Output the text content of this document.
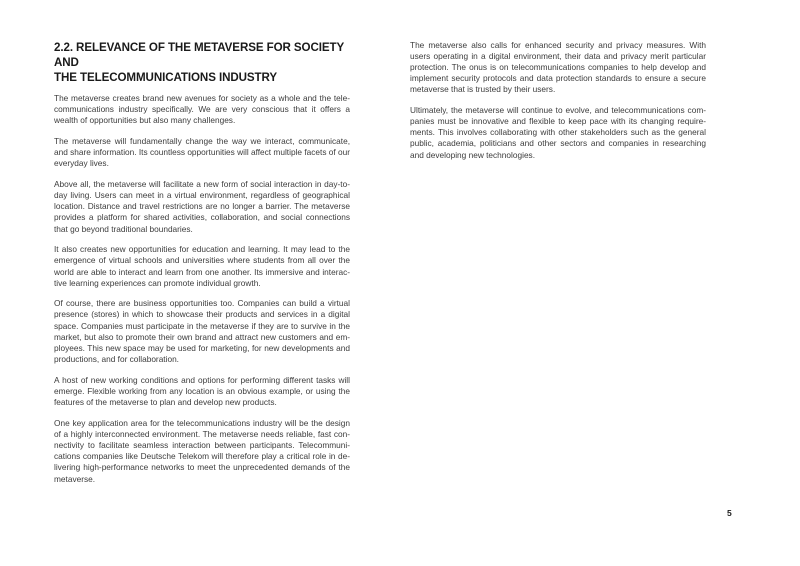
2.2. RELEVANCE OF THE METAVERSE FOR SOCIETY AND
THE TELECOMMUNICATIONS INDUSTRY

The metaverse creates brand new avenues for society as a whole and the telecommunications industry specifically. We are very conscious that it offers a wealth of opportunities but also many challenges.

The metaverse will fundamentally change the way we interact, communicate, and share information. Its countless opportunities will affect multiple facets of our everyday lives.

Above all, the metaverse will facilitate a new form of social interaction in day-to-day living. Users can meet in a virtual environment, regardless of geographical location. Distance and travel restrictions are no longer a barrier. The metaverse provides a platform for shared activities, collaboration, and social connections that go beyond traditional boundaries.

It also creates new opportunities for education and learning. It may lead to the emergence of virtual schools and universities where students from all over the world are able to interact and learn from one another. Its immersive and interactive learning experiences can promote individual growth.

Of course, there are business opportunities too. Companies can build a virtual presence (stores) in which to showcase their products and services in a digital space. Companies must participate in the metaverse if they are to survive in the market, but also to promote their own brand and attract new customers and employees. This new space may be used for marketing, for new developments and productions, and for collaboration.

A host of new working conditions and options for performing different tasks will emerge. Flexible working from any location is an obvious example, or using the features of the metaverse to plan and develop new products.

One key application area for the telecommunications industry will be the design of a highly interconnected environment. The metaverse needs reliable, fast connectivity to facilitate seamless interaction between participants. Telecommunications companies like Deutsche Telekom will therefore play a critical role in delivering high-performance networks to meet the unprecedented demands of the metaverse.

The metaverse also calls for enhanced security and privacy measures. With users operating in a digital environment, their data and privacy merit particular protection. The onus is on telecommunications companies to help develop and implement security protocols and data protection standards to ensure a secure metaverse that is trusted by their users.

Ultimately, the metaverse will continue to evolve, and telecommunications companies must be innovative and flexible to keep pace with its changing requirements. This involves collaborating with other stakeholders such as the general public, academia, politicians and other sectors and companies in researching and developing new technologies.

5
